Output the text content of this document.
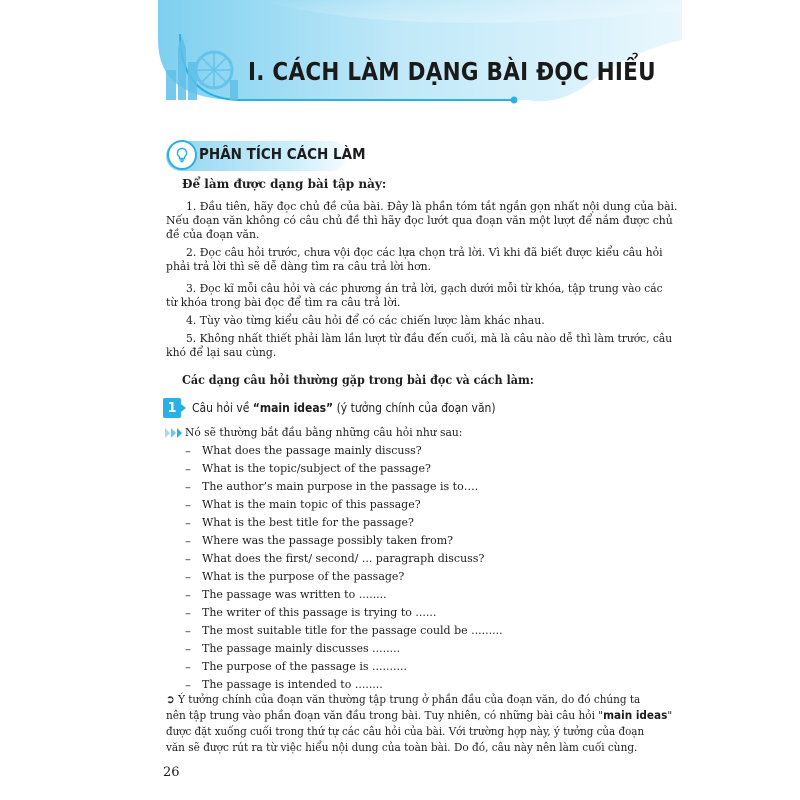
I. CÁCH LÀM DẠNG BÀI ĐỌC HIỂU
PHÂN TÍCH CÁCH LÀM
Để làm được dạng bài tập này:
1. Đầu tiên, hãy đọc chủ đề của bài. Đây là phần tóm tắt ngắn gọn nhất nội dung của bài.
Nếu đoạn văn không có câu chủ đề thì hãy đọc lướt qua đoạn văn một lượt để nắm được chủ
đề của đoạn văn.
2. Đọc câu hỏi trước, chưa vội đọc các lựa chọn trả lời. Vì khi đã biết được kiểu câu hỏi
phải trả lời thì sẽ dễ dàng tìm ra câu trả lời hơn.
3. Đọc kĩ mỗi câu hỏi và các phương án trả lời, gạch dưới mỗi từ khóa, tập trung vào các
từ khóa trong bài đọc để tìm ra câu trả lời.
4. Tùy vào từng kiểu câu hỏi để có các chiến lược làm khác nhau.
5. Không nhất thiết phải làm lần lượt từ đầu đến cuối, mà là câu nào dễ thì làm trước, câu
khó để lại sau cùng.
Các dạng câu hỏi thường gặp trong bài đọc và cách làm:
1	Câu hỏi về “main ideas” (ý tưởng chính của đoạn văn)
Nó sẽ thường bắt đầu bằng những câu hỏi như sau:
– What does the passage mainly discuss?
– What is the topic/subject of the passage?
– The author’s main purpose in the passage is to….
– What is the main topic of this passage?
– What is the best title for the passage?
– Where was the passage possibly taken from?
– What does the first/ second/ ... paragraph discuss?
– What is the purpose of the passage?
– The passage was written to ........
– The writer of this passage is trying to ......
– The most suitable title for the passage could be .........
– The passage mainly discusses ........
– The purpose of the passage is ..........
– The passage is intended to ........
➲ Ý tưởng chính của đoạn văn thường tập trung ở phần đầu của đoạn văn, do đó chúng ta
nên tập trung vào phần đoạn văn đầu trong bài. Tuy nhiên, có những bài câu hỏi "main ideas"
được đặt xuống cuối trong thứ tự các câu hỏi của bài. Với trường hợp này, ý tưởng của đoạn
văn sẽ được rút ra từ việc hiểu nội dung của toàn bài. Do đó, câu này nên làm cuối cùng.
26
